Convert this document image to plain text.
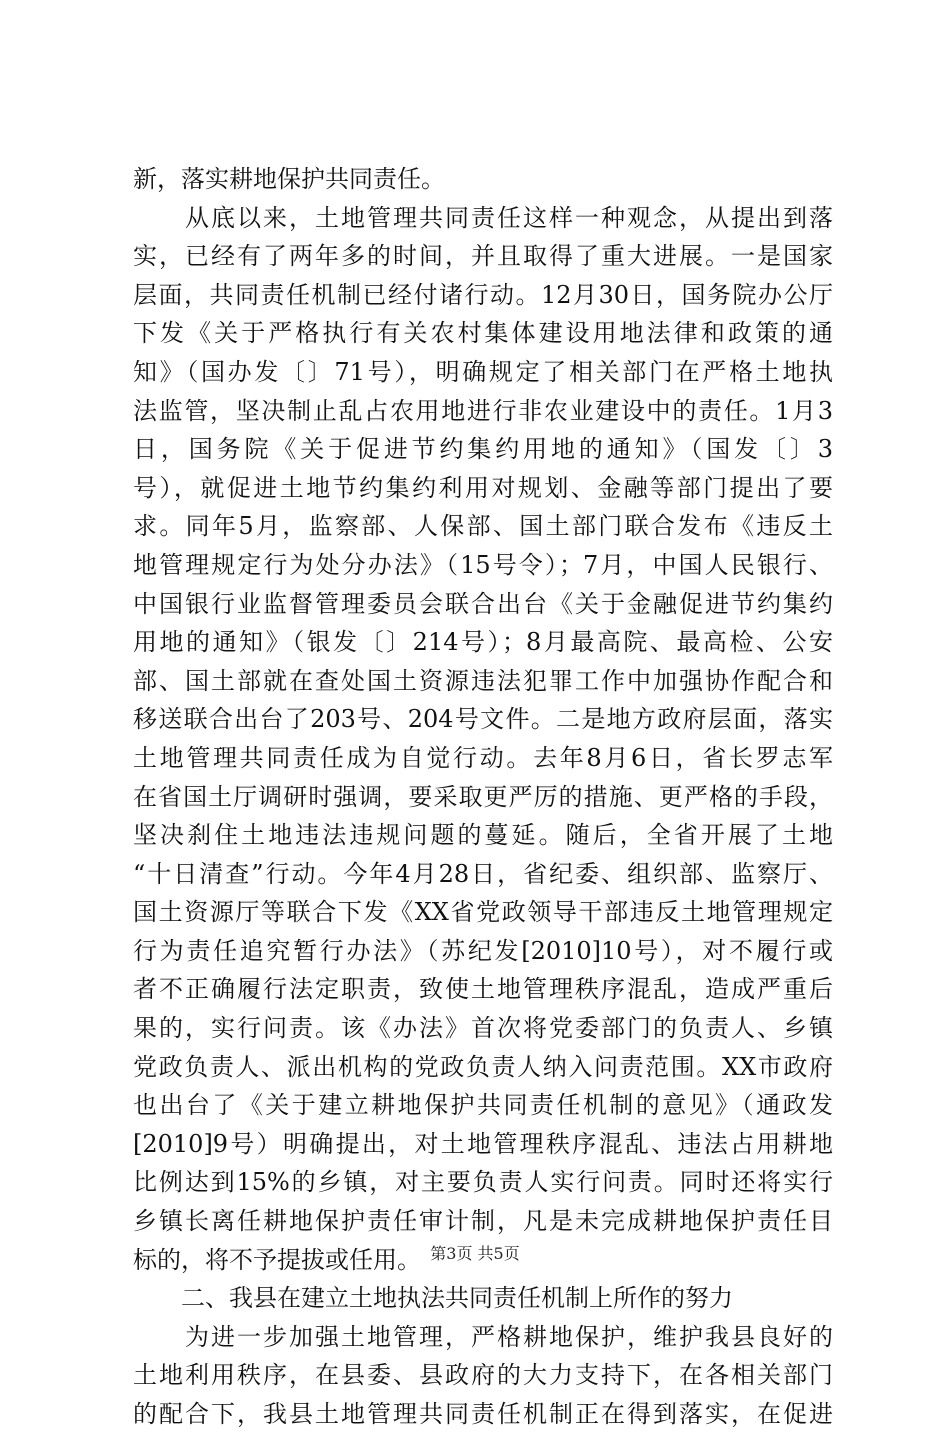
新，落实耕地保护共同责任。
　　从底以来，土地管理共同责任这样一种观念，从提出到落
实，已经有了两年多的时间，并且取得了重大进展。一是国家
层面，共同责任机制已经付诸行动。12月30日，国务院办公厅
下发《关于严格执行有关农村集体建设用地法律和政策的通
知》（国办发〔〕71号），明确规定了相关部门在严格土地执
法监管，坚决制止乱占农用地进行非农业建设中的责任。1月3
日，国务院《关于促进节约集约用地的通知》（国发〔〕3
号），就促进土地节约集约利用对规划、金融等部门提出了要
求。同年5月，监察部、人保部、国土部门联合发布《违反土
地管理规定行为处分办法》（15号令）；7月，中国人民银行、
中国银行业监督管理委员会联合出台《关于金融促进节约集约
用地的通知》（银发〔〕214号）；8月最高院、最高检、公安
部、国土部就在查处国土资源违法犯罪工作中加强协作配合和
移送联合出台了203号、204号文件。二是地方政府层面，落实
土地管理共同责任成为自觉行动。去年8月6日，省长罗志军
在省国土厅调研时强调，要采取更严厉的措施、更严格的手段，
坚决刹住土地违法违规问题的蔓延。随后，全省开展了土地
“十日清查”行动。今年4月28日，省纪委、组织部、监察厅、
国土资源厅等联合下发《XX省党政领导干部违反土地管理规定
行为责任追究暂行办法》（苏纪发[2010]10号），对不履行或
者不正确履行法定职责，致使土地管理秩序混乱，造成严重后
果的，实行问责。该《办法》首次将党委部门的负责人、乡镇
党政负责人、派出机构的党政负责人纳入问责范围。XX市政府
也出台了《关于建立耕地保护共同责任机制的意见》（通政发
[2010]9号）明确提出，对土地管理秩序混乱、违法占用耕地
比例达到15%的乡镇，对主要负责人实行问责。同时还将实行
乡镇长离任耕地保护责任审计制，凡是未完成耕地保护责任目
标的，将不予提拔或任用。
　　二、我县在建立土地执法共同责任机制上所作的努力
　　为进一步加强土地管理，严格耕地保护，维护我县良好的
土地利用秩序，在县委、县政府的大力支持下，在各相关部门
的配合下，我县土地管理共同责任机制正在得到落实，在促进
第3页 共5页
